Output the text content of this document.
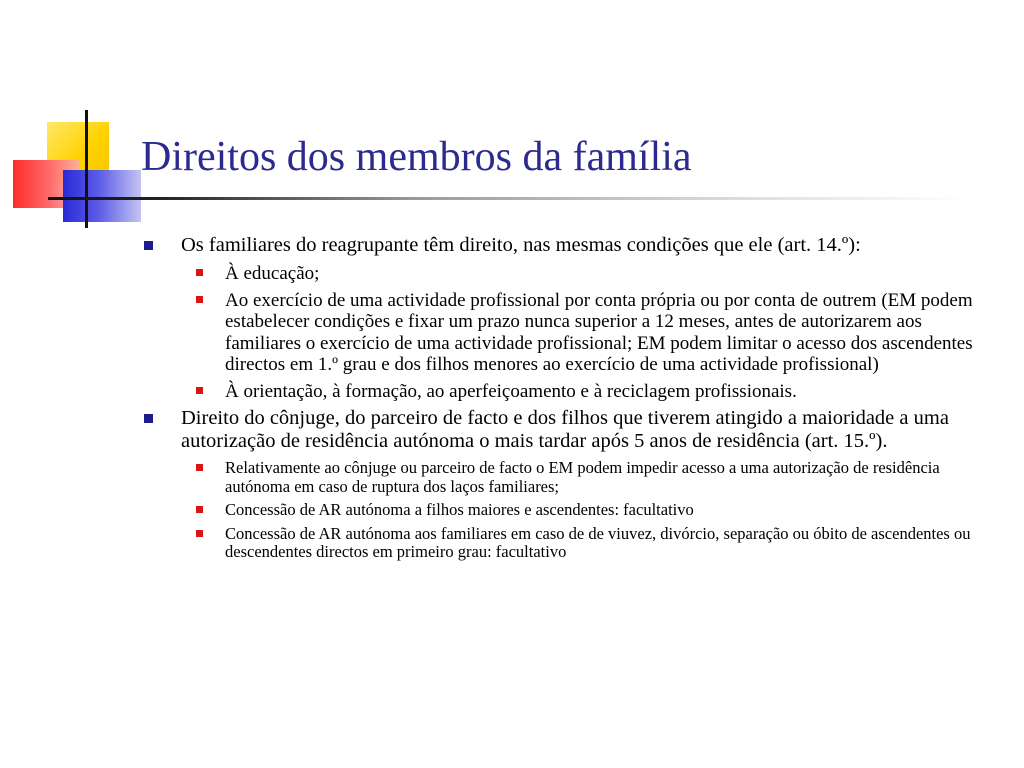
Direitos dos membros da família
Os familiares do reagrupante têm direito, nas mesmas condições que ele (art. 14.º):
À educação;
Ao exercício de uma actividade profissional por conta própria ou por conta de outrem (EM podem estabelecer condições e fixar um prazo nunca superior a 12 meses, antes de autorizarem aos familiares o exercício de uma actividade profissional; EM podem limitar o acesso dos ascendentes directos em 1.º grau e dos filhos menores ao exercício de uma actividade profissional)
À orientação, à formação, ao aperfeiçoamento e à reciclagem profissionais.
Direito do cônjuge, do parceiro de facto e dos filhos que tiverem atingido a maioridade a uma autorização de residência autónoma o mais tardar após 5 anos de residência (art. 15.º).
Relativamente ao cônjuge ou parceiro de facto o EM podem impedir acesso a uma autorização de residência autónoma em caso de ruptura dos laços familiares;
Concessão de AR autónoma a filhos maiores e ascendentes: facultativo
Concessão de AR autónoma aos familiares em caso de de viuvez, divórcio, separação ou óbito de ascendentes ou descendentes directos em primeiro grau: facultativo
